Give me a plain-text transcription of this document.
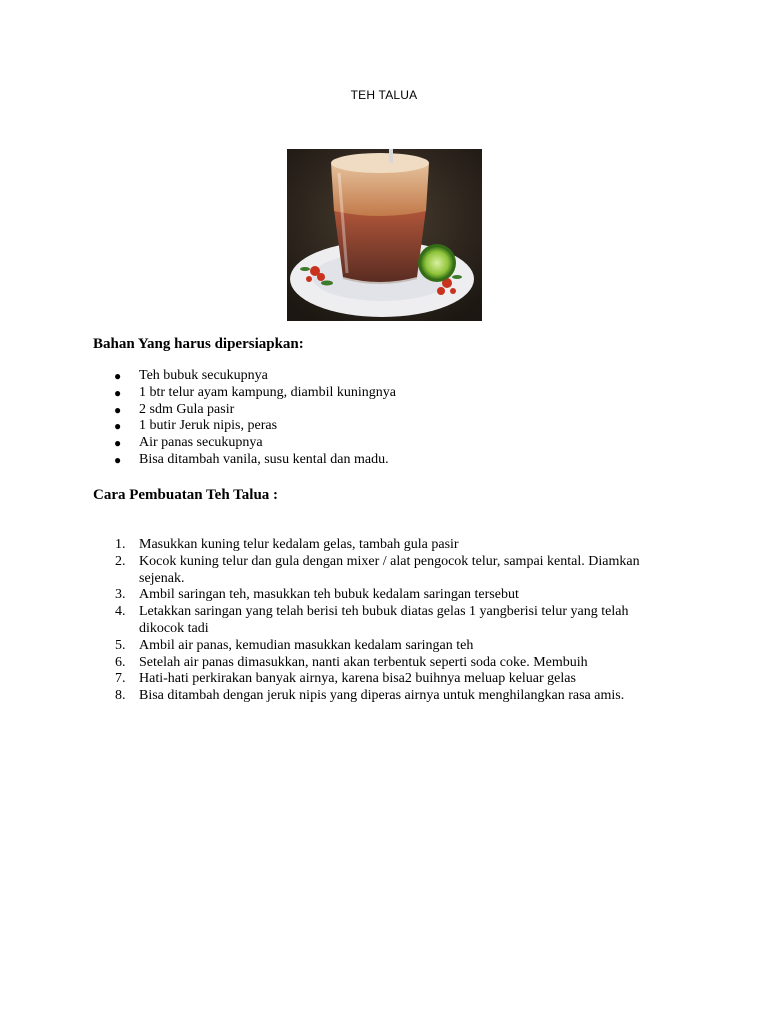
TEH TALUA
Bahan Yang harus dipersiapkan:
● Teh bubuk secukupnya
● 1 btr telur ayam kampung, diambil kuningnya
● 2 sdm Gula pasir
● 1 butir Jeruk nipis, peras
● Air panas secukupnya
● Bisa ditambah vanila, susu kental dan madu.
Cara Pembuatan Teh Talua :
1. Masukkan kuning telur kedalam gelas, tambah gula pasir
2. Kocok kuning telur dan gula dengan mixer / alat pengocok telur, sampai kental. Diamkan sejenak.
3. Ambil saringan teh, masukkan teh bubuk kedalam saringan tersebut
4. Letakkan saringan yang telah berisi teh bubuk diatas gelas 1 yangberisi telur yang telah dikocok tadi
5. Ambil air panas, kemudian masukkan kedalam saringan teh
6. Setelah air panas dimasukkan, nanti akan terbentuk seperti soda coke. Membuih
7. Hati-hati perkirakan banyak airnya, karena bisa2 buihnya meluap keluar gelas
8. Bisa ditambah dengan jeruk nipis yang diperas airnya untuk menghilangkan rasa amis.
